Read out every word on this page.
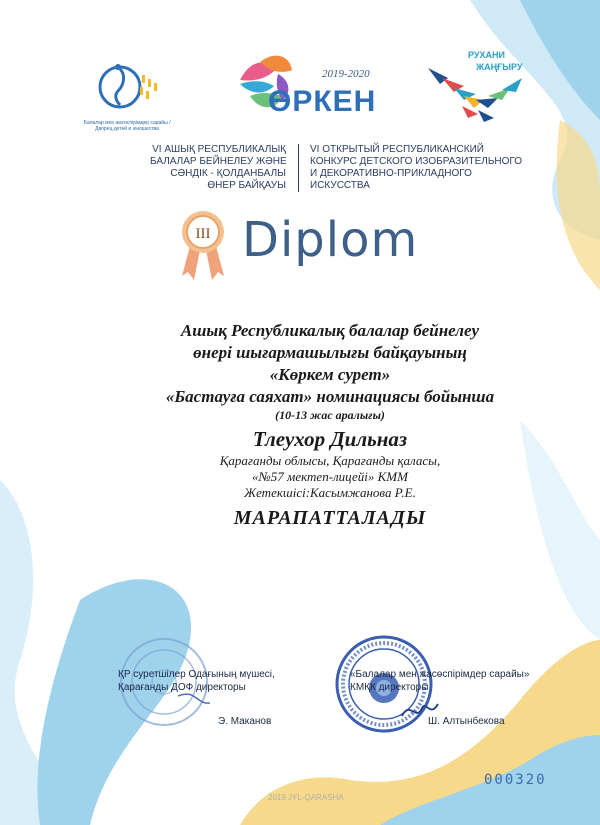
Балалар мен жасөспірімдер сарайы / Дворец детей и юношества
2019-2020
ӨРКЕН
РУХАНИ
ЖАҢҒЫРУ
VI АШЫҚ РЕСПУБЛИКАЛЫҚ
БАЛАЛАР БЕЙНЕЛЕУ ЖӘНЕ
СӘНДІК - ҚОЛДАНБАЛЫ
ӨНЕР БАЙҚАУЫ
VI ОТКРЫТЫЙ РЕСПУБЛИКАНСКИЙ
КОНКУРС ДЕТСКОГО ИЗОБРАЗИТЕЛЬНОГО
И ДЕКОРАТИВНО-ПРИКЛАДНОГО
ИСКУССТВА
III Diplom
Ашық Республикалық балалар бейнелеу
өнері шығармашылығы байқауының
«Көркем сурет»
«Бастауға саяхат» номинациясы бойынша
(10-13 жас аралығы)
Тлеухор Дильназ
Қарағанды облысы, Қарағанды қаласы,
«№57 мектеп-лицейі» КММ
Жетекшісі:Касымжанова Р.Е.
МАРАПАТТАЛАДЫ
ҚР суретшілер Одағының мүшесі,
Қарағанды ДОФ директоры
Э. Маканов
«Балалар мен жасөспірімдер сарайы»
КМҚК директоры
Ш. Алтынбекова
000320
2019 JYL-QARASHA
